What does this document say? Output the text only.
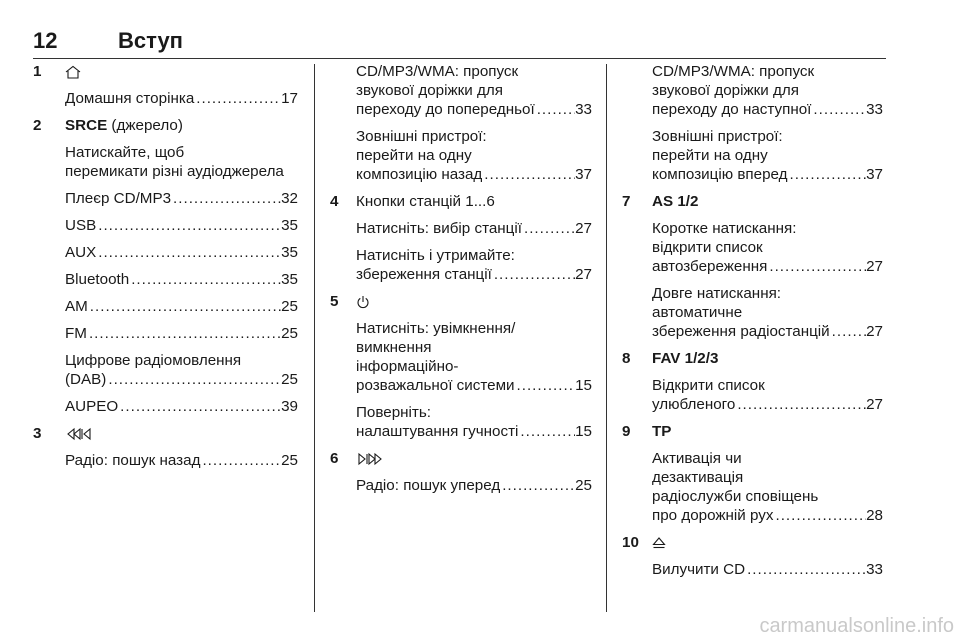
12	Вступ
1
Домашня сторінка .....	17
2 SRCE (джерело)
Натискайте, щоб
перемикати різні аудіоджерела
Плеєр CD/MP3 .....	32
USB .....	35
AUX .....	35
Bluetooth .....	35
AM .....	25
FM .....	25
Цифрове радіомовлення
(DAB) .....	25
AUPEO .....	39
3
Радіо: пошук назад .....	25
CD/MP3/WMA: пропуск
звукової доріжки для
переходу до попередньої .....	33
Зовнішні пристрої:
перейти на одну
композицію назад .....	37
4 Кнопки станцій 1...6
Натисніть: вибір станції .....	27
Натисніть і утримайте:
збереження станції .....	27
5
Натисніть: увімкнення/
вимкнення
інформаційно-
розважальної системи .....	15
Поверніть:
налаштування гучності .....	15
6
Радіо: пошук уперед .....	25
CD/MP3/WMA: пропуск
звукової доріжки для
переходу до наступної .....	33
Зовнішні пристрої:
перейти на одну
композицію вперед .....	37
7 AS 1/2
Коротке натискання:
відкрити список
автозбереження .....	27
Довге натискання:
автоматичне
збереження радіостанцій ..... 27
8 FAV 1/2/3
Відкрити список
улюбленого .....	27
9 TP
Активація чи
дезактивація
радіослужби сповіщень
про дорожній рух .....	28
10
Вилучити CD .....	33
carmanualsonline.info
